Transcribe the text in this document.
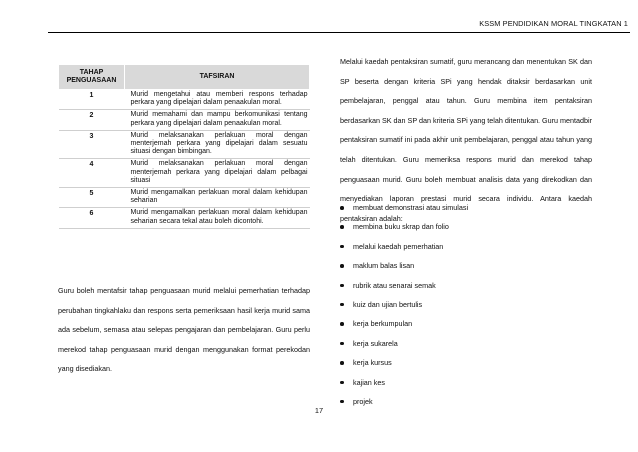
KSSM PENDIDIKAN MORAL TINGKATAN 1
TAHAP PENGUASAAN	TAFSIRAN
1	Murid mengetahui atau memberi respons terhadap perkara yang dipelajari dalam penaakulan moral.
2	Murid memahami dan mampu berkomunikasi tentang perkara yang dipelajari dalam penaakulan moral.
3	Murid melaksanakan perlakuan moral dengan menterjemah perkara yang dipelajari dalam sesuatu situasi dengan bimbingan.
4	Murid melaksanakan perlakuan moral dengan menterjemah perkara yang dipelajari dalam pelbagai situasi
5	Murid mengamalkan perlakuan moral dalam kehidupan seharian
6	Murid mengamalkan perlakuan moral dalam kehidupan seharian secara tekal atau boleh dicontohi.
Guru boleh mentafsir tahap penguasaan murid melalui pemerhatian terhadap perubahan tingkahlaku dan respons serta pemeriksaan hasil kerja murid sama ada sebelum, semasa atau selepas pengajaran dan pembelajaran. Guru perlu merekod tahap penguasaan murid dengan menggunakan format perekodan yang disediakan.
Melalui kaedah pentaksiran sumatif, guru merancang dan menentukan SK dan SP beserta dengan kriteria SPi yang hendak ditaksir berdasarkan unit pembelajaran, penggal atau tahun. Guru membina item pentaksiran berdasarkan SK dan SP dan kriteria SPi yang telah ditentukan. Guru mentadbir pentaksiran sumatif ini pada akhir unit pembelajaran, penggal atau tahun yang telah ditentukan. Guru memeriksa respons murid dan merekod tahap penguasaan murid. Guru boleh membuat analisis data yang direkodkan dan menyediakan laporan prestasi murid secara individu. Antara kaedah pentaksiran adalah:
membuat demonstrasi atau simulasi
membina buku skrap dan folio
melalui kaedah pemerhatian
maklum balas lisan
rubrik atau senarai semak
kuiz dan ujian bertulis
kerja berkumpulan
kerja sukarela
kerja kursus
kajian kes
projek
17
